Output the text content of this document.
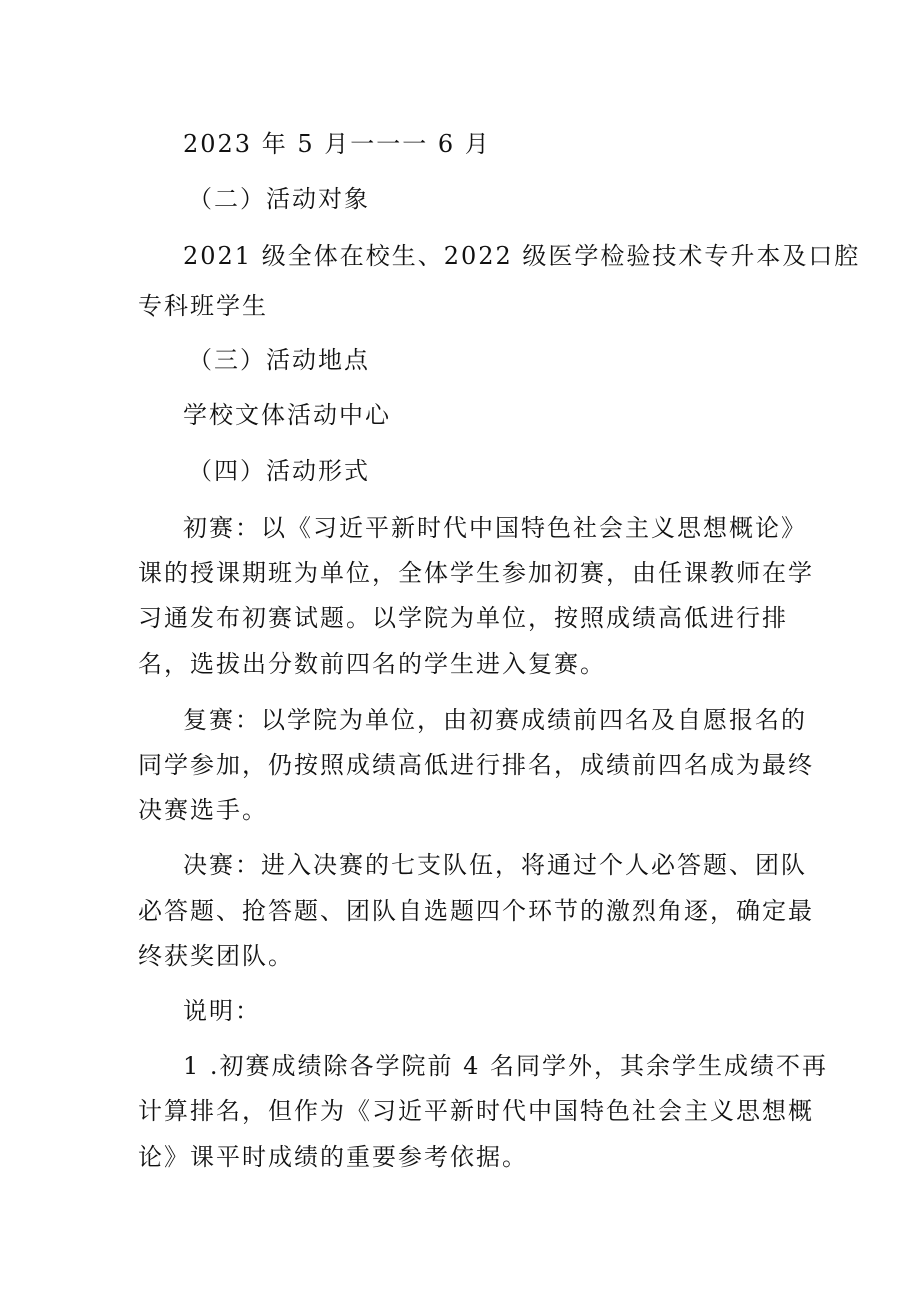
2023 年 5 月一一一 6 月
（二）活动对象
2021 级全体在校生、2022 级医学检验技术专升本及口腔
专科班学生
（三）活动地点
学校文体活动中心
（四）活动形式
初赛：以《习近平新时代中国特色社会主义思想概论》
课的授课期班为单位，全体学生参加初赛，由任课教师在学
习通发布初赛试题。以学院为单位，按照成绩高低进行排
名，选拔出分数前四名的学生进入复赛。
复赛：以学院为单位，由初赛成绩前四名及自愿报名的
同学参加，仍按照成绩高低进行排名，成绩前四名成为最终
决赛选手。
决赛：进入决赛的七支队伍，将通过个人必答题、团队
必答题、抢答题、团队自选题四个环节的激烈角逐，确定最
终获奖团队。
说明：
1 .初赛成绩除各学院前 4 名同学外，其余学生成绩不再
计算排名，但作为《习近平新时代中国特色社会主义思想概
论》课平时成绩的重要参考依据。
